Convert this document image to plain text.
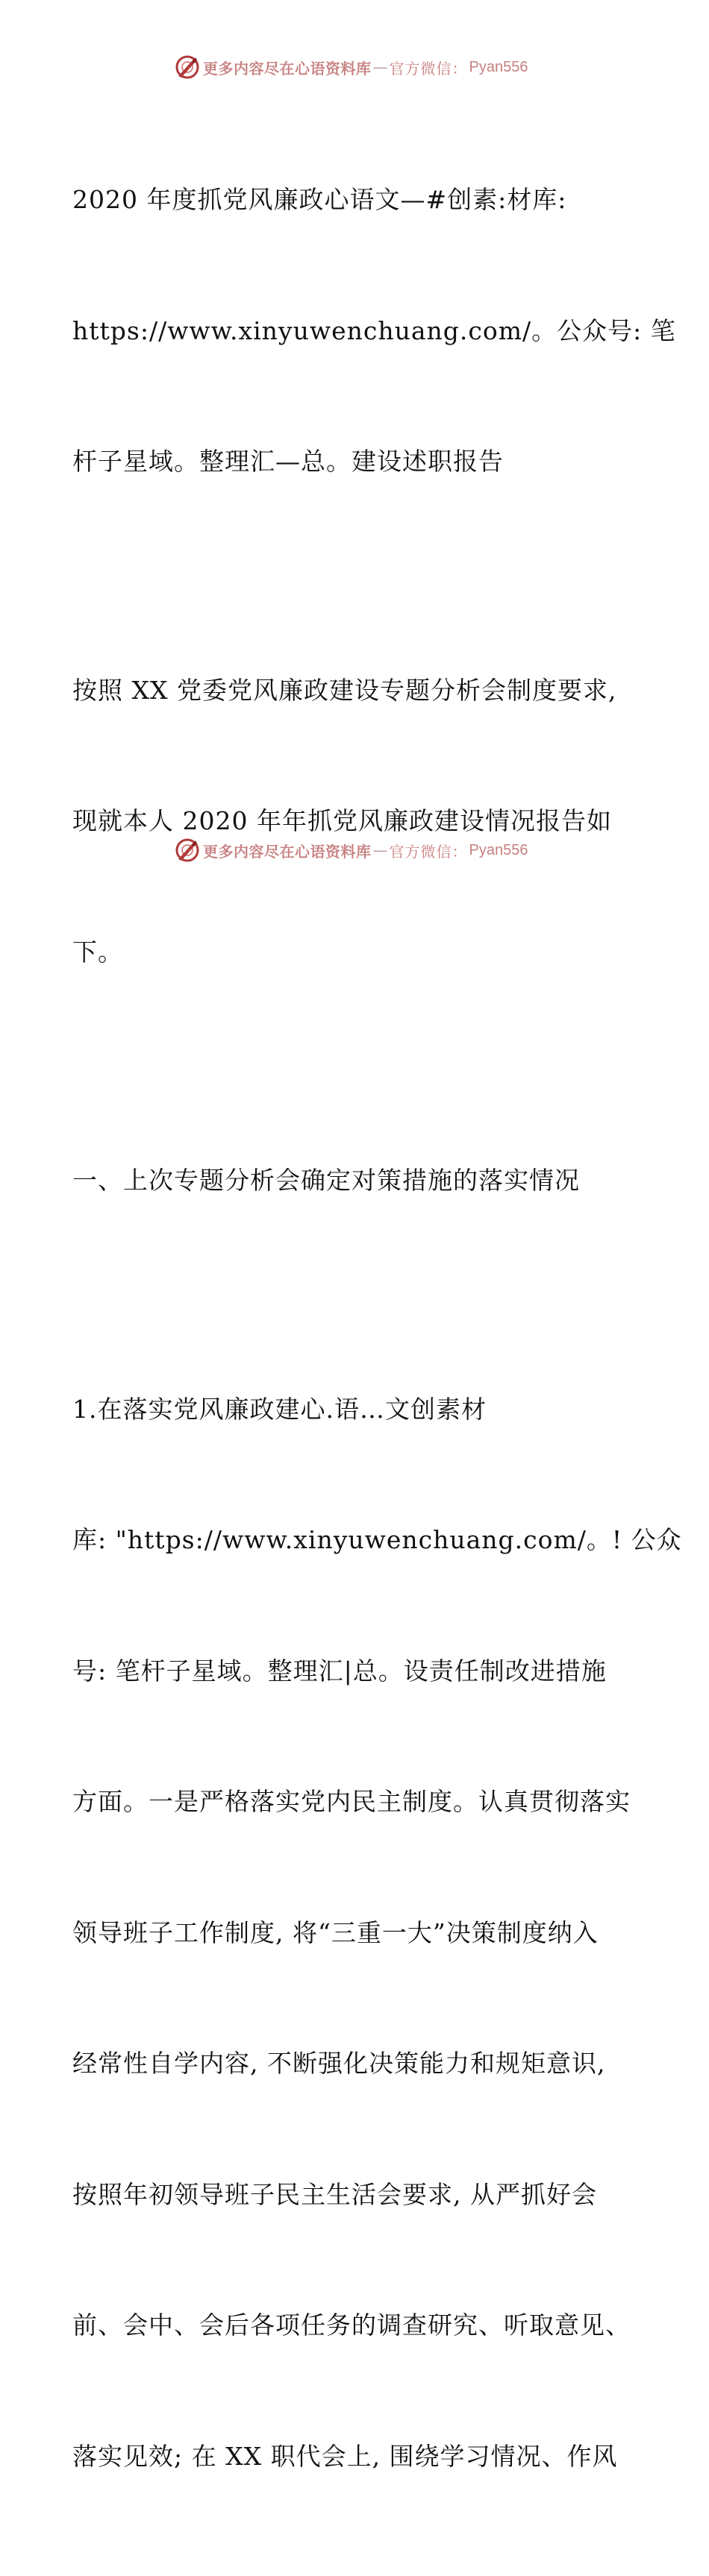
更多内容尽在心语资料库 — 官方微信： Pyan556

2020 年度抓党风廉政心语文—#创素:材库:

https://www.xinyuwenchuang.com/。公众号: 笔

杆子星域。整理汇—总。建设述职报告

按照 XX 党委党风廉政建设专题分析会制度要求,

现就本人 2020 年年抓党风廉政建设情况报告如

下。

一、上次专题分析会确定对策措施的落实情况

1.在落实党风廉政建心.语…文创素材

库: "https://www.xinyuwenchuang.com/。! 公众

号: 笔杆子星域。整理汇|总。设责任制改进措施

方面。一是严格落实党内民主制度。认真贯彻落实

领导班子工作制度, 将“三重一大”决策制度纳入

经常性自学内容, 不断强化决策能力和规矩意识,

按照年初领导班子民主生活会要求, 从严抓好会

前、会中、会后各项任务的调查研究、听取意见、

落实见效; 在 XX 职代会上, 围绕学习情况、作风

更多内容尽在心语资料库 — 官方微信： Pyan556
